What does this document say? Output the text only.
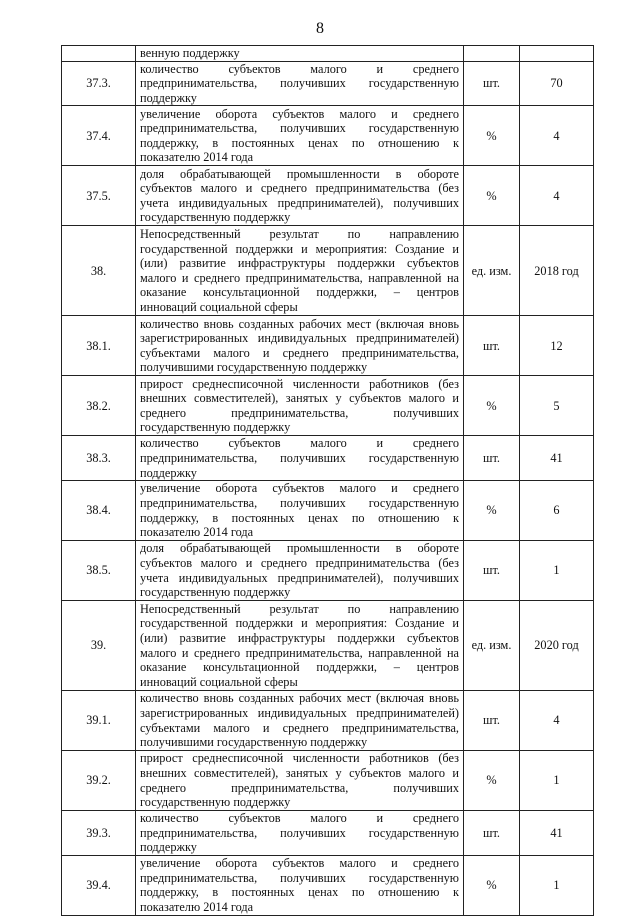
8
	венную поддержку		
37.3.	количество субъектов малого и среднего предпринимательства, получивших государственную поддержку	шт.	70
37.4.	увеличение оборота субъектов малого и среднего предпринимательства, получивших государственную поддержку, в постоянных ценах по отношению к показателю 2014 года	%	4
37.5.	доля обрабатывающей промышленности в обороте субъектов малого и среднего предпринимательства (без учета индивидуальных предпринимателей), получивших государственную поддержку	%	4
38.	Непосредственный результат по направлению государственной поддержки и мероприятия: Создание и (или) развитие инфраструктуры поддержки субъектов малого и среднего предпринимательства, направленной на оказание консультационной поддержки, – центров инноваций социальной сферы	ед. изм.	2018 год
38.1.	количество вновь созданных рабочих мест (включая вновь зарегистрированных индивидуальных предпринимателей) субъектами малого и среднего предпринимательства, получившими государственную поддержку	шт.	12
38.2.	прирост среднесписочной численности работников (без внешних совместителей), занятых у субъектов малого и среднего предпринимательства, получивших государственную поддержку	%	5
38.3.	количество субъектов малого и среднего предпринимательства, получивших государственную поддержку	шт.	41
38.4.	увеличение оборота субъектов малого и среднего предпринимательства, получивших государственную поддержку, в постоянных ценах по отношению к показателю 2014 года	%	6
38.5.	доля обрабатывающей промышленности в обороте субъектов малого и среднего предпринимательства (без учета индивидуальных предпринимателей), получивших государственную поддержку	шт.	1
39.	Непосредственный результат по направлению государственной поддержки и мероприятия: Создание и (или) развитие инфраструктуры поддержки субъектов малого и среднего предпринимательства, направленной на оказание консультационной поддержки, – центров инноваций социальной сферы	ед. изм.	2020 год
39.1.	количество вновь созданных рабочих мест (включая вновь зарегистрированных индивидуальных предпринимателей) субъектами малого и среднего предпринимательства, получившими государственную поддержку	шт.	4
39.2.	прирост среднесписочной численности работников (без внешних совместителей), занятых у субъектов малого и среднего предпринимательства, получивших государственную поддержку	%	1
39.3.	количество субъектов малого и среднего предпринимательства, получивших государственную поддержку	шт.	41
39.4.	увеличение оборота субъектов малого и среднего предпринимательства, получивших государственную поддержку, в постоянных ценах по отношению к показателю 2014 года	%	1
